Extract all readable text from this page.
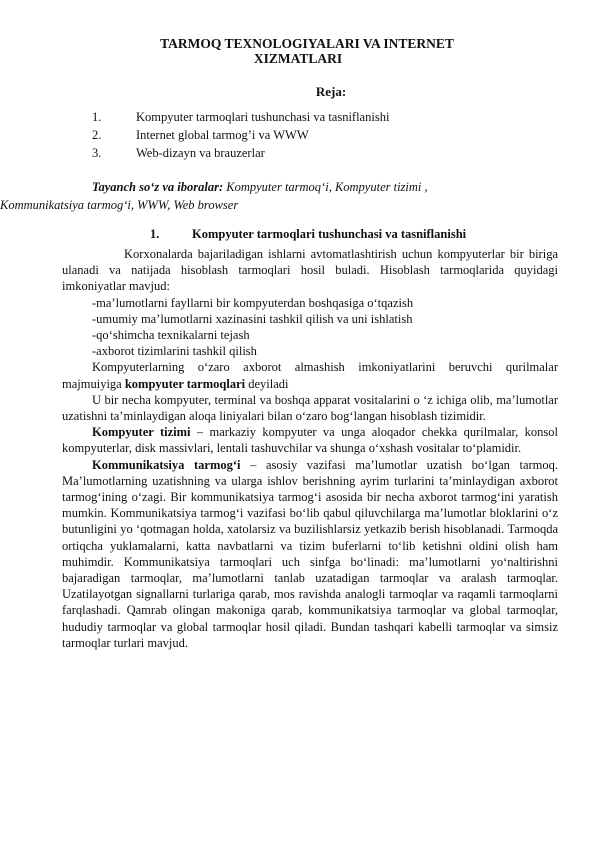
TARMOQ TEXNOLOGIYALARI VA INTERNET
XIZMATLARI
Reja:
1.	Kompyuter tarmoqlari tushunchasi va tasniflanishi
2.	Internet global tarmog’i va WWW
3.	Web-dizayn va brauzerlar
Tayanch so‘z va iboralar: Kompyuter tarmoq‘i, Kompyuter tizimi ,
Kommunikatsiya tarmog‘i, WWW, Web browser
1.	Kompyuter tarmoqlari tushunchasi va tasniflanishi

Korxonalarda bajariladigan ishlarni avtomatlashtirish uchun kompyuterlar bir biriga ulanadi va natijada hisoblash tarmoqlari hosil buladi. Hisoblash tarmoqlarida quyidagi imkoniyatlar mavjud:

-ma’lumotlarni fayllarni bir kompyuterdan boshqasiga o‘tqazish

-umumiy ma’lumotlarni xazinasini tashkil qilish va uni ishlatish

-qo‘shimcha texnikalarni tejash

-axborot tizimlarini tashkil qilish

Kompyuterlarning o‘zaro axborot almashish imkoniyatlarini beruvchi qurilmalar majmuiyiga kompyuter tarmoqlari deyiladi

U bir necha kompyuter, terminal va boshqa apparat vositalarini o ‘z ichiga olib, ma’lumotlar uzatishni ta’minlaydigan aloqa liniyalari bilan o‘zaro bog‘langan hisoblash tizimidir.

Kompyuter tizimi – markaziy kompyuter va unga aloqador chekka qurilmalar, konsol kompyuterlar, disk massivlari, lentali tashuvchilar va shunga o‘xshash vositalar to‘plamidir.

Kommunikatsiya tarmog‘i – asosiy vazifasi ma’lumotlar uzatish bo‘lgan tarmoq. Ma’lumotlarning uzatishning va ularga ishlov berishning ayrim turlarini ta’minlaydigan axborot tarmog‘ining o‘zagi. Bir kommunikatsiya tarmog‘i asosida bir necha axborot tarmog‘ini yaratish mumkin. Kommunikatsiya tarmog‘i vazifasi bo‘lib qabul qiluvchilarga ma’lumotlar bloklarini o‘z butunligini yo ‘qotmagan holda, xatolarsiz va buzilishlarsiz yetkazib berish hisoblanadi. Tarmoqda ortiqcha yuklamalarni, katta navbatlarni va tizim buferlarni to‘lib ketishni oldini olish ham muhimdir. Kommunikatsiya tarmoqlari uch sinfga bo‘linadi: ma’lumotlarni yo‘naltirishni bajaradigan tarmoqlar, ma’lumotlarni tanlab uzatadigan tarmoqlar va aralash tarmoqlar. Uzatilayotgan signallarni turlariga qarab, mos ravishda analogli tarmoqlar va raqamli tarmoqlarni farqlashadi. Qamrab olingan makoniga qarab, kommunikatsiya tarmoqlar va global tarmoqlar, hududiy tarmoqlar va global tarmoqlar hosil qiladi. Bundan tashqari kabelli tarmoqlar va simsiz tarmoqlar turlari mavjud.
